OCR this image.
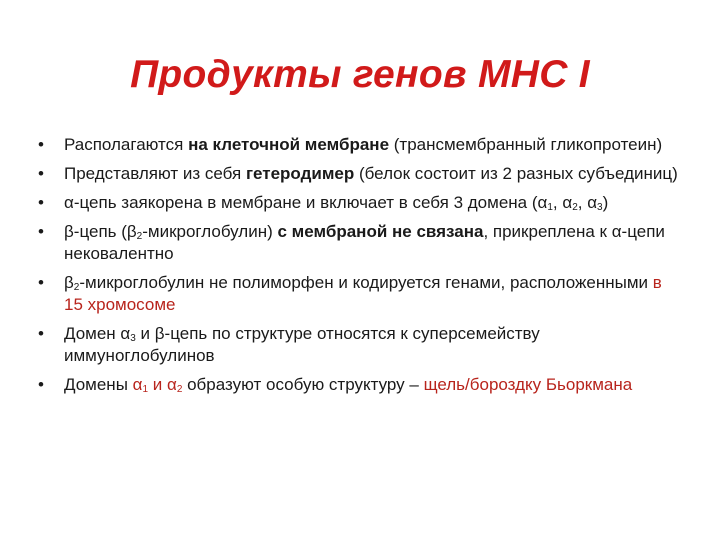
Продукты генов MHC I
• Располагаются на клеточной мембране (трансмембранный гликопротеин)
• Представляют из себя гетеродимер (белок состоит из 2 разных субъединиц)
• α-цепь заякорена в мембране и включает в себя 3 домена ($\alpha_1$, $\alpha_2$, $\alpha_3$)
• β-цепь $(\beta_2-микроглобулин)$ с мембраной не связана, прикреплена к α-цепи нековалентно
• $\beta_2$-микроглобулин не полиморфен и кодируется генами, расположенными в 15 хромосоме
• Домен $\alpha_3$ и β-цепь по структуре относятся к суперсемейству иммуноглобулинов
• Домены $\alpha_1$ и $\alpha_2$ образуют особую структуру – щель/бороздку Бьоркмана
